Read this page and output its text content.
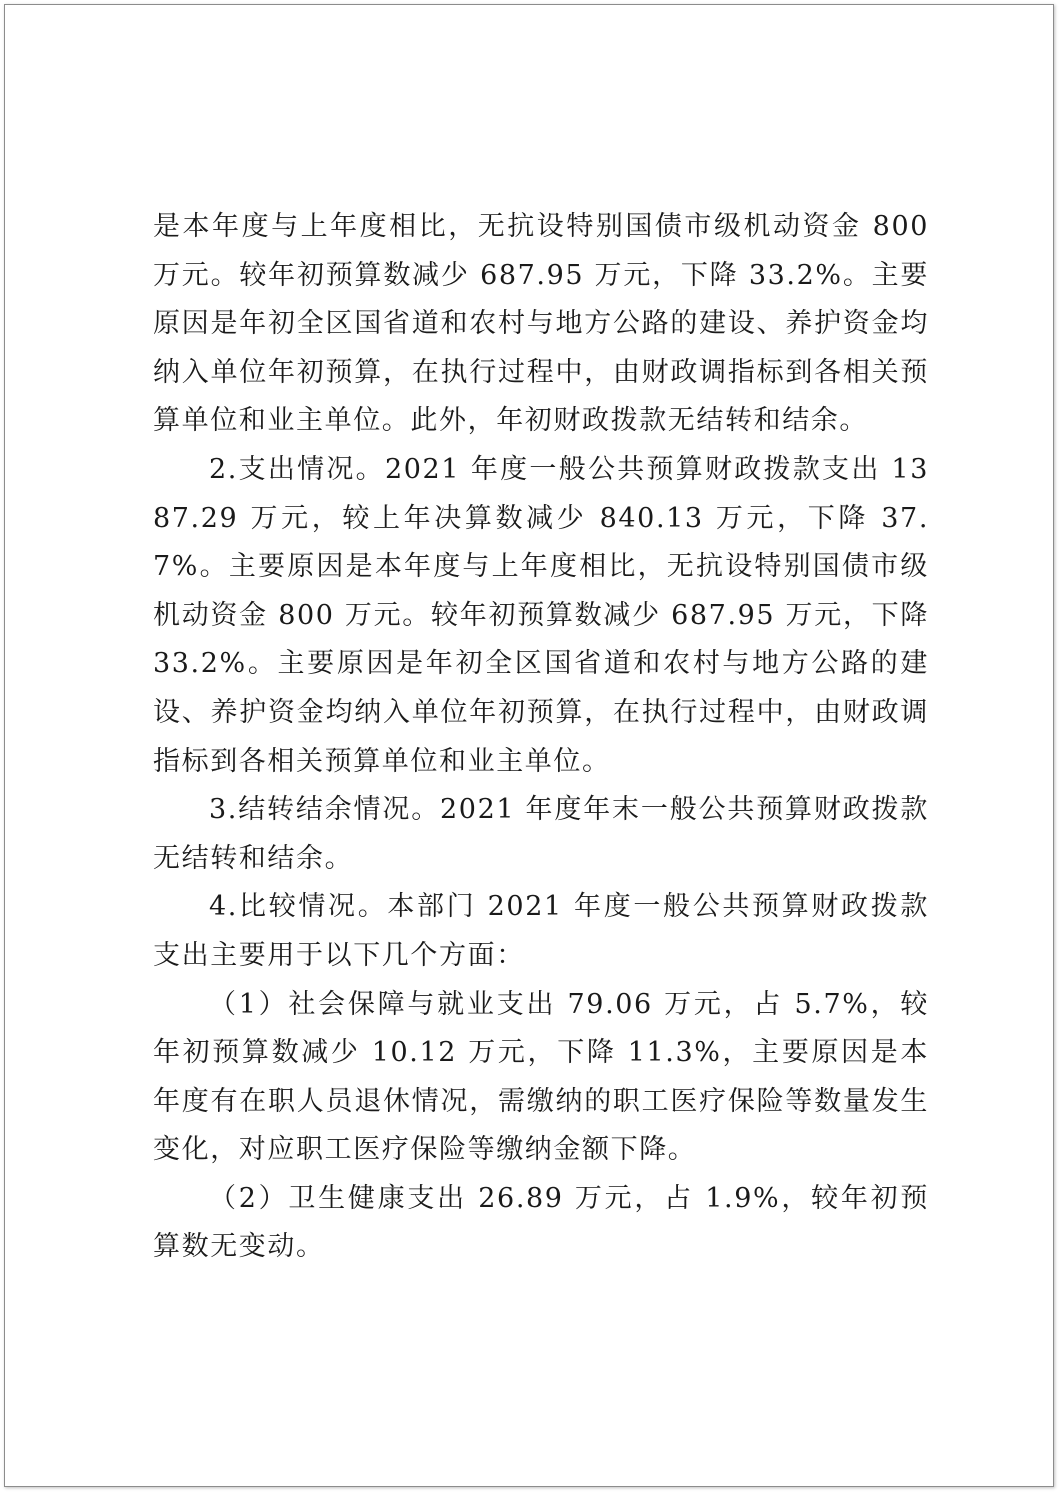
是本年度与上年度相比，无抗设特别国债市级机动资金 800 万元。较年初预算数减少 687.95 万元，下降 33.2%。主要原因是年初全区国省道和农村与地方公路的建设、养护资金均纳入单位年初预算，在执行过程中，由财政调指标到各相关预算单位和业主单位。此外，年初财政拨款无结转和结余。

2.支出情况。2021 年度一般公共预算财政拨款支出 1387.29 万元，较上年决算数减少 840.13 万元，下降 37.7%。主要原因是本年度与上年度相比，无抗设特别国债市级机动资金 800 万元。较年初预算数减少 687.95 万元，下降 33.2%。主要原因是年初全区国省道和农村与地方公路的建设、养护资金均纳入单位年初预算，在执行过程中，由财政调指标到各相关预算单位和业主单位。

3.结转结余情况。2021 年度年末一般公共预算财政拨款无结转和结余。

4.比较情况。本部门 2021 年度一般公共预算财政拨款支出主要用于以下几个方面：

（1）社会保障与就业支出 79.06 万元，占 5.7%，较年初预算数减少 10.12 万元，下降 11.3%，主要原因是本年度有在职人员退休情况，需缴纳的职工医疗保险等数量发生变化，对应职工医疗保险等缴纳金额下降。

（2）卫生健康支出 26.89 万元，占 1.9%，较年初预算数无变动。
